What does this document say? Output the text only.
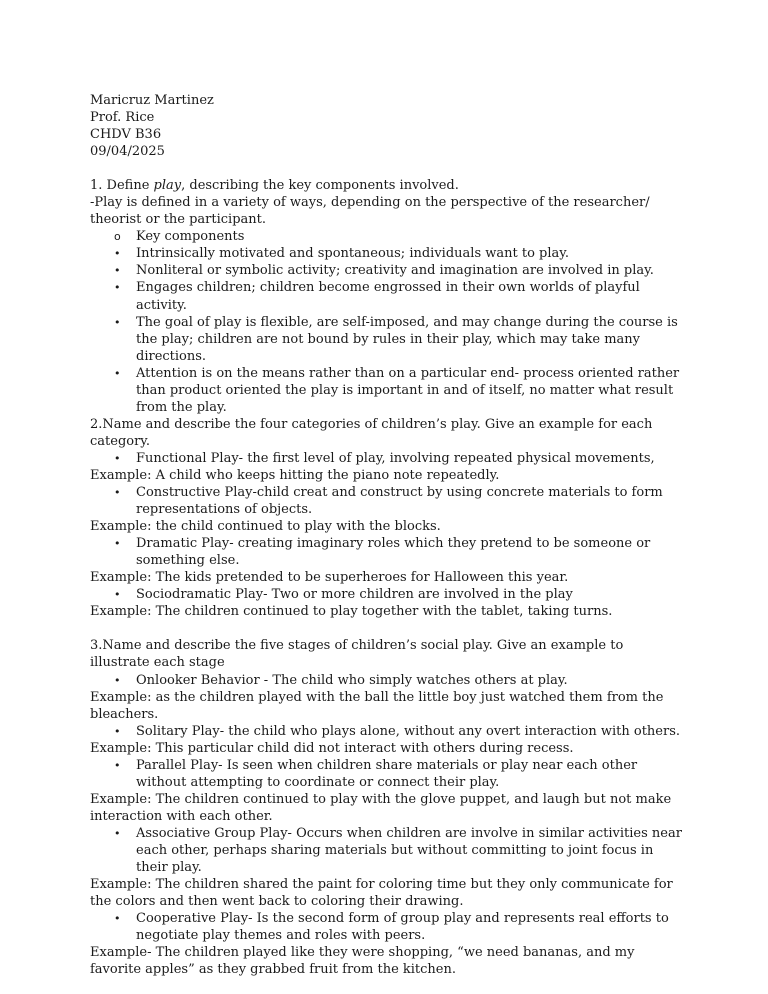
Maricruz Martinez
Prof. Rice
CHDV B36
09/04/2025
1. Define play, describing the key components involved.
-Play is defined in a variety of ways, depending on the perspective of the researcher/ theorist or the participant.
o Key components
• Intrinsically motivated and spontaneous; individuals want to play.
• Nonliteral or symbolic activity; creativity and imagination are involved in play.
• Engages children; children become engrossed in their own worlds of playful activity.
• The goal of play is flexible, are self-imposed, and may change during the course is the play; children are not bound by rules in their play, which may take many directions.
• Attention is on the means rather than on a particular end- process oriented rather than product oriented the play is important in and of itself, no matter what result from the play.
2.Name and describe the four categories of children’s play. Give an example for each category.
• Functional Play- the first level of play, involving repeated physical movements,
Example: A child who keeps hitting the piano note repeatedly.
• Constructive Play-child creat and construct by using concrete materials to form representations of objects.
Example: the child continued to play with the blocks.
• Dramatic Play- creating imaginary roles which they pretend to be someone or something else.
Example: The kids pretended to be superheroes for Halloween this year.
• Sociodramatic Play- Two or more children are involved in the play
Example: The children continued to play together with the tablet, taking turns.
3.Name and describe the five stages of children’s social play. Give an example to illustrate each stage
• Onlooker Behavior - The child who simply watches others at play.
Example: as the children played with the ball the little boy just watched them from the bleachers.
• Solitary Play- the child who plays alone, without any overt interaction with others.
Example: This particular child did not interact with others during recess.
• Parallel Play- Is seen when children share materials or play near each other without attempting to coordinate or connect their play.
Example: The children continued to play with the glove puppet, and laugh but not make interaction with each other.
• Associative Group Play- Occurs when children are involve in similar activities near each other, perhaps sharing materials but without committing to joint focus in their play.
Example: The children shared the paint for coloring time but they only communicate for the colors and then went back to coloring their drawing.
• Cooperative Play- Is the second form of group play and represents real efforts to negotiate play themes and roles with peers.
Example- The children played like they were shopping, “we need bananas, and my favorite apples” as they grabbed fruit from the kitchen.
